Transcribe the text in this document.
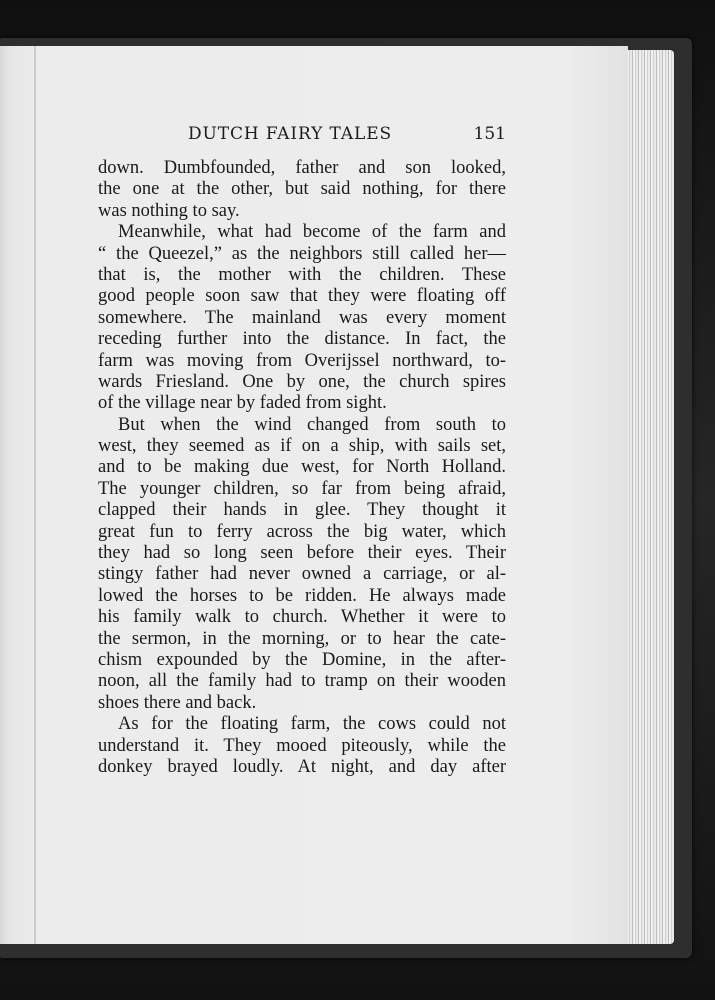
DUTCH FAIRY TALES	151
down. Dumbfounded, father and son looked,
the one at the other, but said nothing, for there
was nothing to say.
Meanwhile, what had become of the farm and
“ the Queezel,” as the neighbors still called her—
that is, the mother with the children. These
good people soon saw that they were floating off
somewhere. The mainland was every moment
receding further into the distance. In fact, the
farm was moving from Overijssel northward, to-
wards Friesland. One by one, the church spires
of the village near by faded from sight.
But when the wind changed from south to
west, they seemed as if on a ship, with sails set,
and to be making due west, for North Holland.
The younger children, so far from being afraid,
clapped their hands in glee. They thought it
great fun to ferry across the big water, which
they had so long seen before their eyes. Their
stingy father had never owned a carriage, or al-
lowed the horses to be ridden. He always made
his family walk to church. Whether it were to
the sermon, in the morning, or to hear the cate-
chism expounded by the Domine, in the after-
noon, all the family had to tramp on their wooden
shoes there and back.
As for the floating farm, the cows could not
understand it. They mooed piteously, while the
donkey brayed loudly. At night, and day after
